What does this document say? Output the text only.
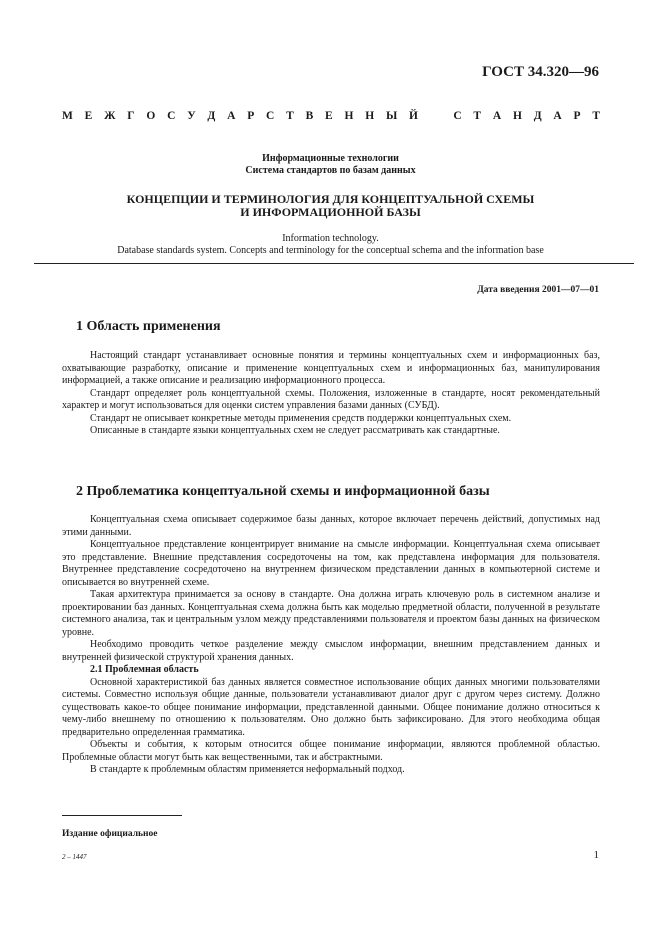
ГОСТ 34.320—96
М Е Ж Г О С У Д А Р С Т В Е Н Н Ы Й	С Т А Н Д А Р Т
Информационные технологии
Система стандартов по базам данных
КОНЦЕПЦИИ И ТЕРМИНОЛОГИЯ ДЛЯ КОНЦЕПТУАЛЬНОЙ СХЕМЫ
И ИНФОРМАЦИОННОЙ БАЗЫ
Information technology.
Database standards system. Concepts and terminology for the conceptual schema and the information base
Дата введения 2001—07—01
1 Область применения

Настоящий стандарт устанавливает основные понятия и термины концептуальных схем и информационных баз, охватывающие разработку, описание и применение концептуальных схем и информационных баз, манипулирования информацией, а также описание и реализацию информационного процесса.

Стандарт определяет роль концептуальной схемы. Положения, изложенные в стандарте, носят рекомендательный характер и могут использоваться для оценки систем управления базами данных (СУБД).

Стандарт не описывает конкретные методы применения средств поддержки концептуальных схем.

Описанные в стандарте языки концептуальных схем не следует рассматривать как стандартные.

2 Проблематика концептуальной схемы и информационной базы

Концептуальная схема описывает содержимое базы данных, которое включает перечень действий, допустимых над этими данными.

Концептуальное представление концентрирует внимание на смысле информации. Концептуальная схема описывает это представление. Внешние представления сосредоточены на том, как представлена информация для пользователя. Внутреннее представление сосредоточено на внутреннем физическом представлении данных в компьютерной системе и описывается во внутренней схеме.

Такая архитектура принимается за основу в стандарте. Она должна играть ключевую роль в системном анализе и проектировании баз данных. Концептуальная схема должна быть как моделью предметной области, полученной в результате системного анализа, так и центральным узлом между представлениями пользователя и проектом базы данных на физическом уровне.

Необходимо проводить четкое разделение между смыслом информации, внешним представлением данных и внутренней физической структурой хранения данных.

2.1 Проблемная область

Основной характеристикой баз данных является совместное использование общих данных многими пользователями системы. Совместно используя общие данные, пользователи устанавливают диалог друг с другом через систему. Должно существовать какое-то общее понимание информации, представленной данными. Общее понимание должно относиться к чему-либо внешнему по отношению к пользователям. Оно должно быть зафиксировано. Для этого необходима общая предварительно определенная грамматика.

Объекты и события, к которым относится общее понимание информации, являются проблемной областью. Проблемные области могут быть как вещественными, так и абстрактными.

В стандарте к проблемным областям применяется неформальный подход.

Издание официальное
2 – 1447	1
